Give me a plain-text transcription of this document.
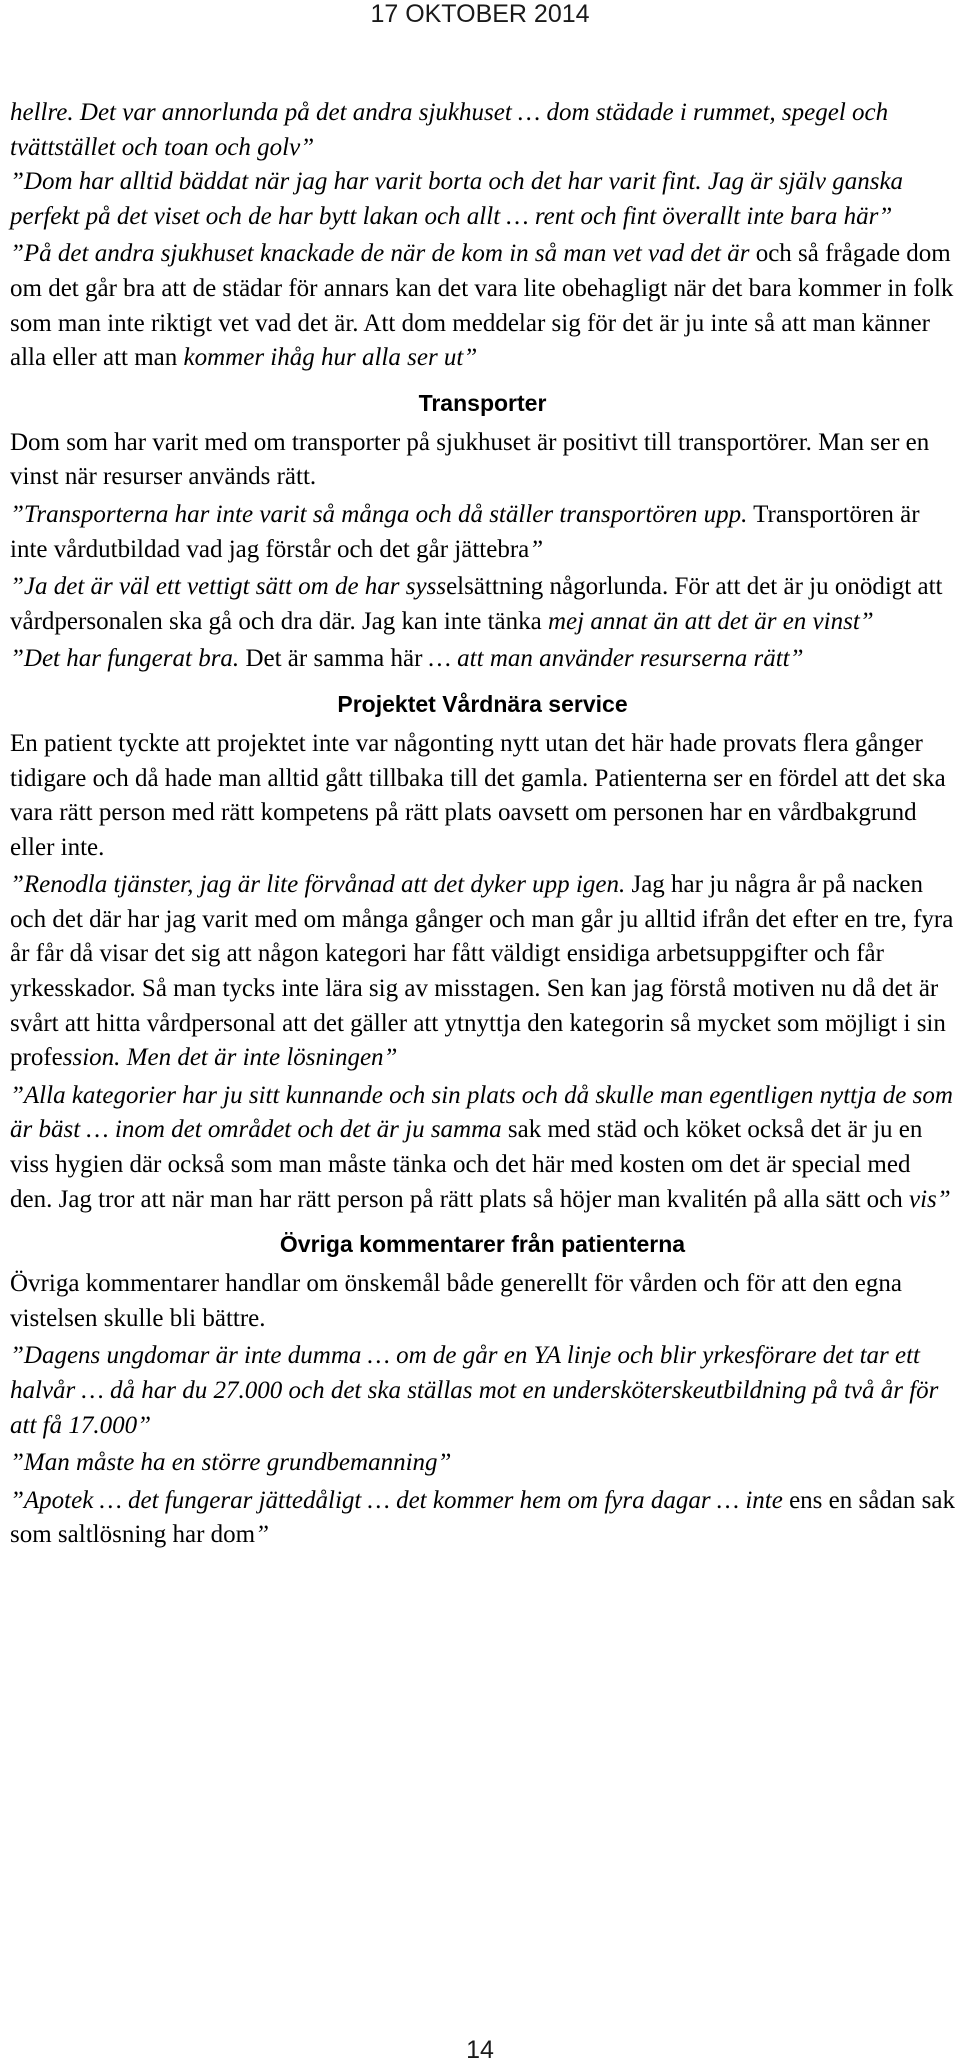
17 OKTOBER 2014

hellre. Det var annorlunda på det andra sjukhuset … dom städade i rummet, spegel och tvättstället och toan och golv”

”Dom har alltid bäddat när jag har varit borta och det har varit fint. Jag är själv ganska perfekt på det viset och de har bytt lakan och allt … rent och fint överallt inte bara här”

”På det andra sjukhuset knackade de när de kom in så man vet vad det är och så frågade dom om det går bra att de städar för annars kan det vara lite obehagligt när det bara kommer in folk som man inte riktigt vet vad det är. Att dom meddelar sig för det är ju inte så att man känner alla eller att man kommer ihåg hur alla ser ut”

Transporter

Dom som har varit med om transporter på sjukhuset är positivt till transportörer. Man ser en vinst när resurser används rätt.

”Transporterna har inte varit så många och då ställer transportören upp. Transportören är inte vårdutbildad vad jag förstår och det går jättebra”

”Ja det är väl ett vettigt sätt om de har sysselsättning någorlunda. För att det är ju onödigt att vårdpersonalen ska gå och dra där. Jag kan inte tänka mej annat än att det är en vinst”

”Det har fungerat bra. Det är samma här … att man använder resurserna rätt”

Projektet Vårdnära service

En patient tyckte att projektet inte var någonting nytt utan det här hade provats flera gånger tidigare och då hade man alltid gått tillbaka till det gamla. Patienterna ser en fördel att det ska vara rätt person med rätt kompetens på rätt plats oavsett om personen har en vårdbakgrund eller inte.

”Renodla tjänster, jag är lite förvånad att det dyker upp igen. Jag har ju några år på nacken och det där har jag varit med om många gånger och man går ju alltid ifrån det efter en tre, fyra år får då visar det sig att någon kategori har fått väldigt ensidiga arbetsuppgifter och får yrkesskador. Så man tycks inte lära sig av misstagen. Sen kan jag förstå motiven nu då det är svårt att hitta vårdpersonal att det gäller att ytnyttja den kategorin så mycket som möjligt i sin profession. Men det är inte lösningen”

”Alla kategorier har ju sitt kunnande och sin plats och då skulle man egentligen nyttja de som är bäst … inom det området och det är ju samma sak med städ och köket också det är ju en viss hygien där också som man måste tänka och det här med kosten om det är special med den. Jag tror att när man har rätt person på rätt plats så höjer man kvalitén på alla sätt och vis”

Övriga kommentarer från patienterna

Övriga kommentarer handlar om önskemål både generellt för vården och för att den egna vistelsen skulle bli bättre.

”Dagens ungdomar är inte dumma … om de går en YA linje och blir yrkesförare det tar ett halvår … då har du 27.000 och det ska ställas mot en undersköterskeutbildning på två år för att få 17.000”

”Man måste ha en större grundbemanning”

”Apotek … det fungerar jättedåligt … det kommer hem om fyra dagar … inte ens en sådan sak som saltlösning har dom”

14
